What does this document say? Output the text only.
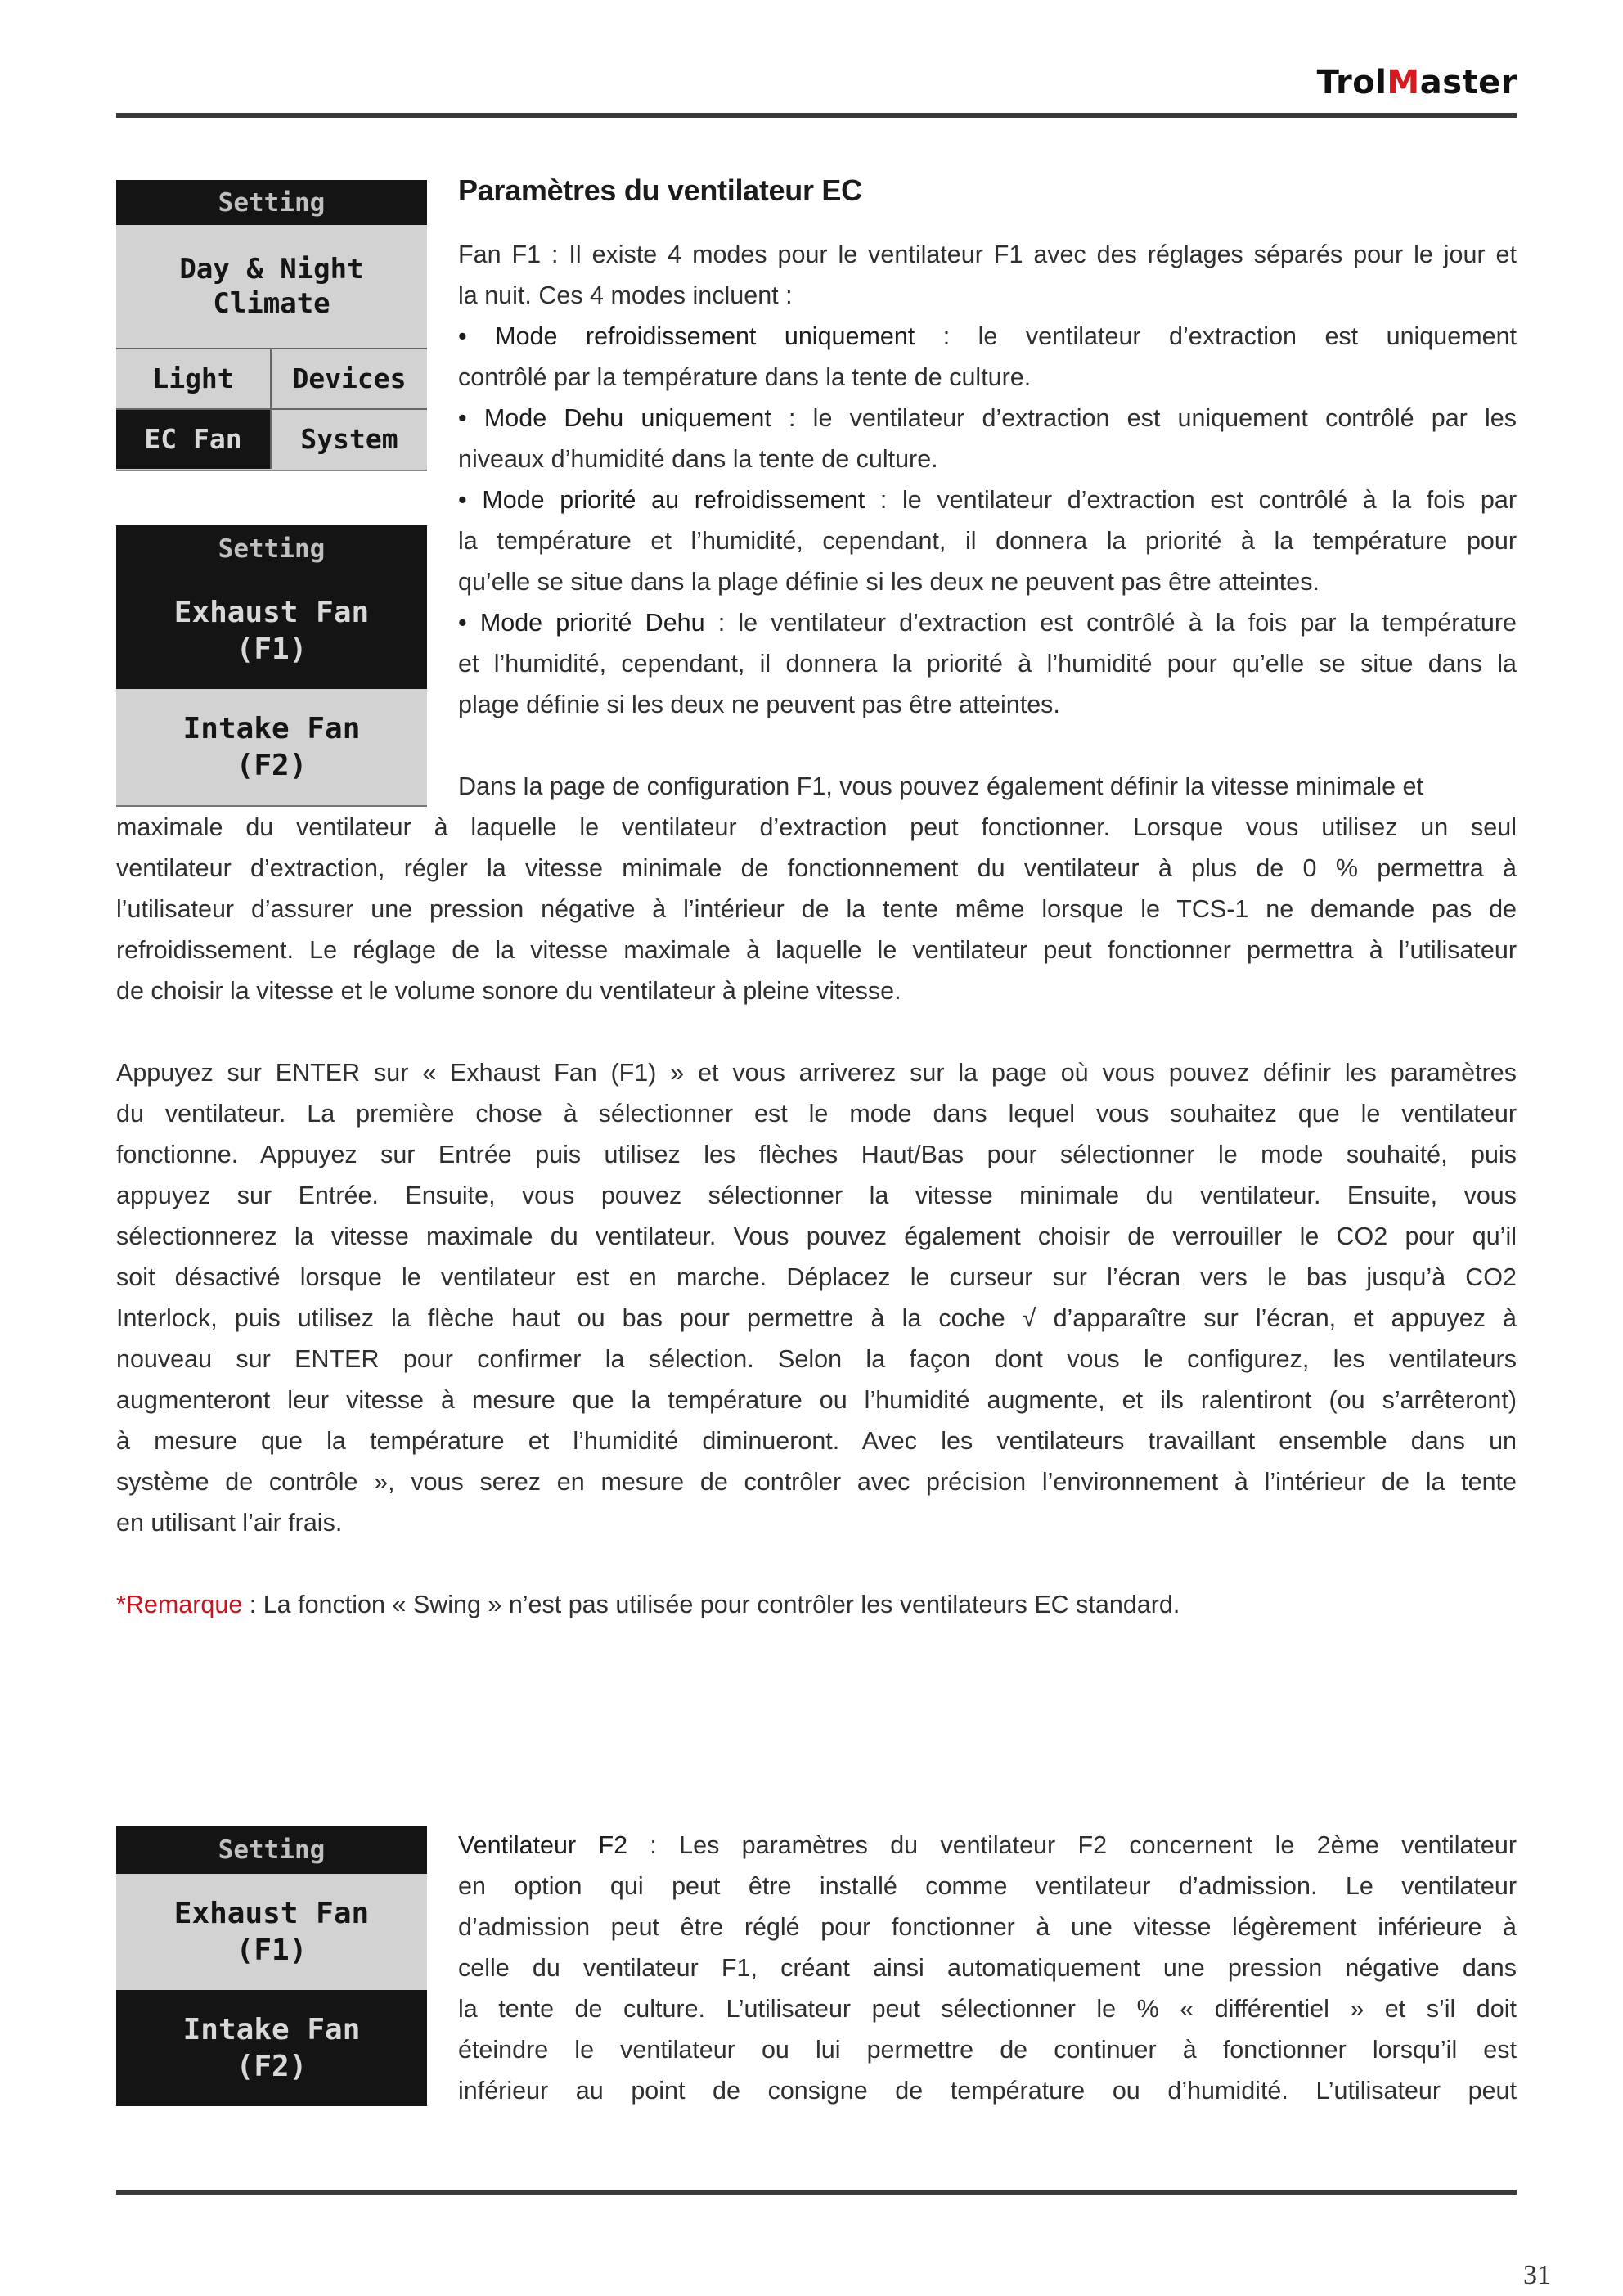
TrolMaster
Setting
Day & Night
Climate
Light	Devices
EC Fan	System
Setting
Exhaust Fan
(F1)
Intake Fan
(F2)
Paramètres du ventilateur EC
Fan F1 : Il existe 4 modes pour le ventilateur F1 avec des réglages séparés pour le jour et
la nuit. Ces 4 modes incluent :
• Mode refroidissement uniquement : le ventilateur d’extraction est uniquement
contrôlé par la température dans la tente de culture.
• Mode Dehu uniquement : le ventilateur d’extraction est uniquement contrôlé par les
niveaux d’humidité dans la tente de culture.
• Mode priorité au refroidissement : le ventilateur d’extraction est contrôlé à la fois par
la température et l’humidité, cependant, il donnera la priorité à la température pour
qu’elle se situe dans la plage définie si les deux ne peuvent pas être atteintes.
• Mode priorité Dehu : le ventilateur d’extraction est contrôlé à la fois par la température
et l’humidité, cependant, il donnera la priorité à l’humidité pour qu’elle se situe dans la
plage définie si les deux ne peuvent pas être atteintes.
Dans la page de configuration F1, vous pouvez également définir la vitesse minimale et
maximale du ventilateur à laquelle le ventilateur d’extraction peut fonctionner. Lorsque vous utilisez un seul
ventilateur d’extraction, régler la vitesse minimale de fonctionnement du ventilateur à plus de 0 % permettra à
l’utilisateur d’assurer une pression négative à l’intérieur de la tente même lorsque le TCS-1 ne demande pas de
refroidissement. Le réglage de la vitesse maximale à laquelle le ventilateur peut fonctionner permettra à l’utilisateur
de choisir la vitesse et le volume sonore du ventilateur à pleine vitesse.
Appuyez sur ENTER sur « Exhaust Fan (F1) » et vous arriverez sur la page où vous pouvez définir les paramètres
du ventilateur. La première chose à sélectionner est le mode dans lequel vous souhaitez que le ventilateur
fonctionne. Appuyez sur Entrée puis utilisez les flèches Haut/Bas pour sélectionner le mode souhaité, puis
appuyez sur Entrée. Ensuite, vous pouvez sélectionner la vitesse minimale du ventilateur. Ensuite, vous
sélectionnerez la vitesse maximale du ventilateur. Vous pouvez également choisir de verrouiller le CO2 pour qu’il
soit désactivé lorsque le ventilateur est en marche. Déplacez le curseur sur l’écran vers le bas jusqu’à CO2
Interlock, puis utilisez la flèche haut ou bas pour permettre à la coche √ d’apparaître sur l’écran, et appuyez à
nouveau sur ENTER pour confirmer la sélection. Selon la façon dont vous le configurez, les ventilateurs
augmenteront leur vitesse à mesure que la température ou l’humidité augmente, et ils ralentiront (ou s’arrêteront)
à mesure que la température et l’humidité diminueront. Avec les ventilateurs travaillant ensemble dans un
système de contrôle », vous serez en mesure de contrôler avec précision l’environnement à l’intérieur de la tente
en utilisant l’air frais.
*Remarque : La fonction « Swing » n’est pas utilisée pour contrôler les ventilateurs EC standard.
Setting
Exhaust Fan
(F1)
Intake Fan
(F2)
Ventilateur F2 : Les paramètres du ventilateur F2 concernent le 2ème ventilateur
en option qui peut être installé comme ventilateur d’admission. Le ventilateur
d’admission peut être réglé pour fonctionner à une vitesse légèrement inférieure à
celle du ventilateur F1, créant ainsi automatiquement une pression négative dans
la tente de culture. L’utilisateur peut sélectionner le % « différentiel » et s’il doit
éteindre le ventilateur ou lui permettre de continuer à fonctionner lorsqu’il est
inférieur au point de consigne de température ou d’humidité. L’utilisateur peut
31
